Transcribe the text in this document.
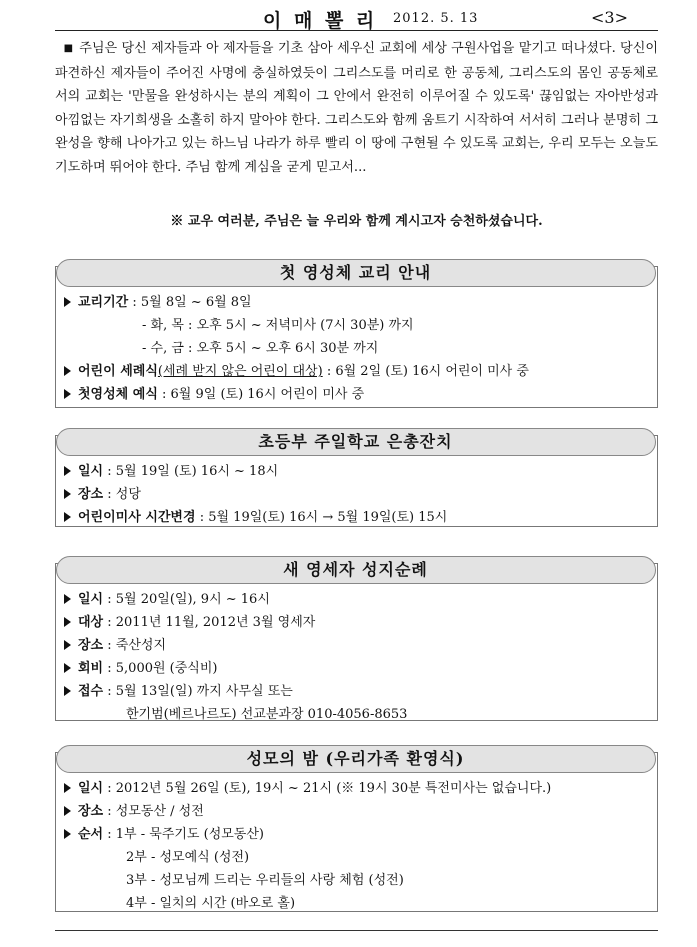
이 매 뽈 리 2012. 5. 13	<3>

■ 주님은 당신 제자들과 아 제자들을 기초 삼아 세우신 교회에 세상 구원사업을 맡기고 떠나셨다. 당신이 파견하신 제자들이 주어진 사명에 충실하였듯이 그리스도를 머리로 한 공동체, 그리스도의 몸인 공동체로서의 교회는 '만물을 완성하시는 분의 계획이 그 안에서 완전히 이루어질 수 있도록' 끊임없는 자아반성과 아낌없는 자기희생을 소홀히 하지 말아야 한다. 그리스도와 함께 움트기 시작하여 서서히 그러나 분명히 그 완성을 향해 나아가고 있는 하느님 나라가 하루 빨리 이 땅에 구현될 수 있도록 교회는, 우리 모두는 오늘도 기도하며 뛰어야 한다. 주님 함께 계심을 굳게 믿고서...

※ 교우 여러분, 주님은 늘 우리와 함께 계시고자 승천하셨습니다.
첫 영성체 교리 안내
교리기간 : 5월 8일 ~ 6월 8일
- 화, 목 : 오후 5시 ~ 저녁미사 (7시 30분) 까지
- 수, 금 : 오후 5시 ~ 오후 6시 30분 까지
어린이 세례식(세례 받지 않은 어린이 대상) : 6월 2일 (토) 16시 어린이 미사 중
첫영성체 예식 : 6월 9일 (토) 16시 어린이 미사 중
초등부 주일학교 은총잔치
일시 : 5월 19일 (토) 16시 ~ 18시
장소 : 성당
어린이미사 시간변경 : 5월 19일(토) 16시 → 5월 19일(토) 15시
새 영세자 성지순례
일시 : 5월 20일(일), 9시 ~ 16시
대상 : 2011년 11월, 2012년 3월 영세자
장소 : 죽산성지
회비 : 5,000원 (중식비)
접수 : 5월 13일(일) 까지 사무실 또는
한기범(베르나르도) 선교분과장 010-4056-8653
성모의 밤 (우리가족 환영식)
일시 : 2012년 5월 26일 (토), 19시 ~ 21시 (※ 19시 30분 특전미사는 없습니다.)
장소 : 성모동산 / 성전
순서 : 1부 - 묵주기도 (성모동산)
2부 - 성모예식 (성전)
3부 - 성모님께 드리는 우리들의 사랑 체험 (성전)
4부 - 일치의 시간 (바오로 홀)
